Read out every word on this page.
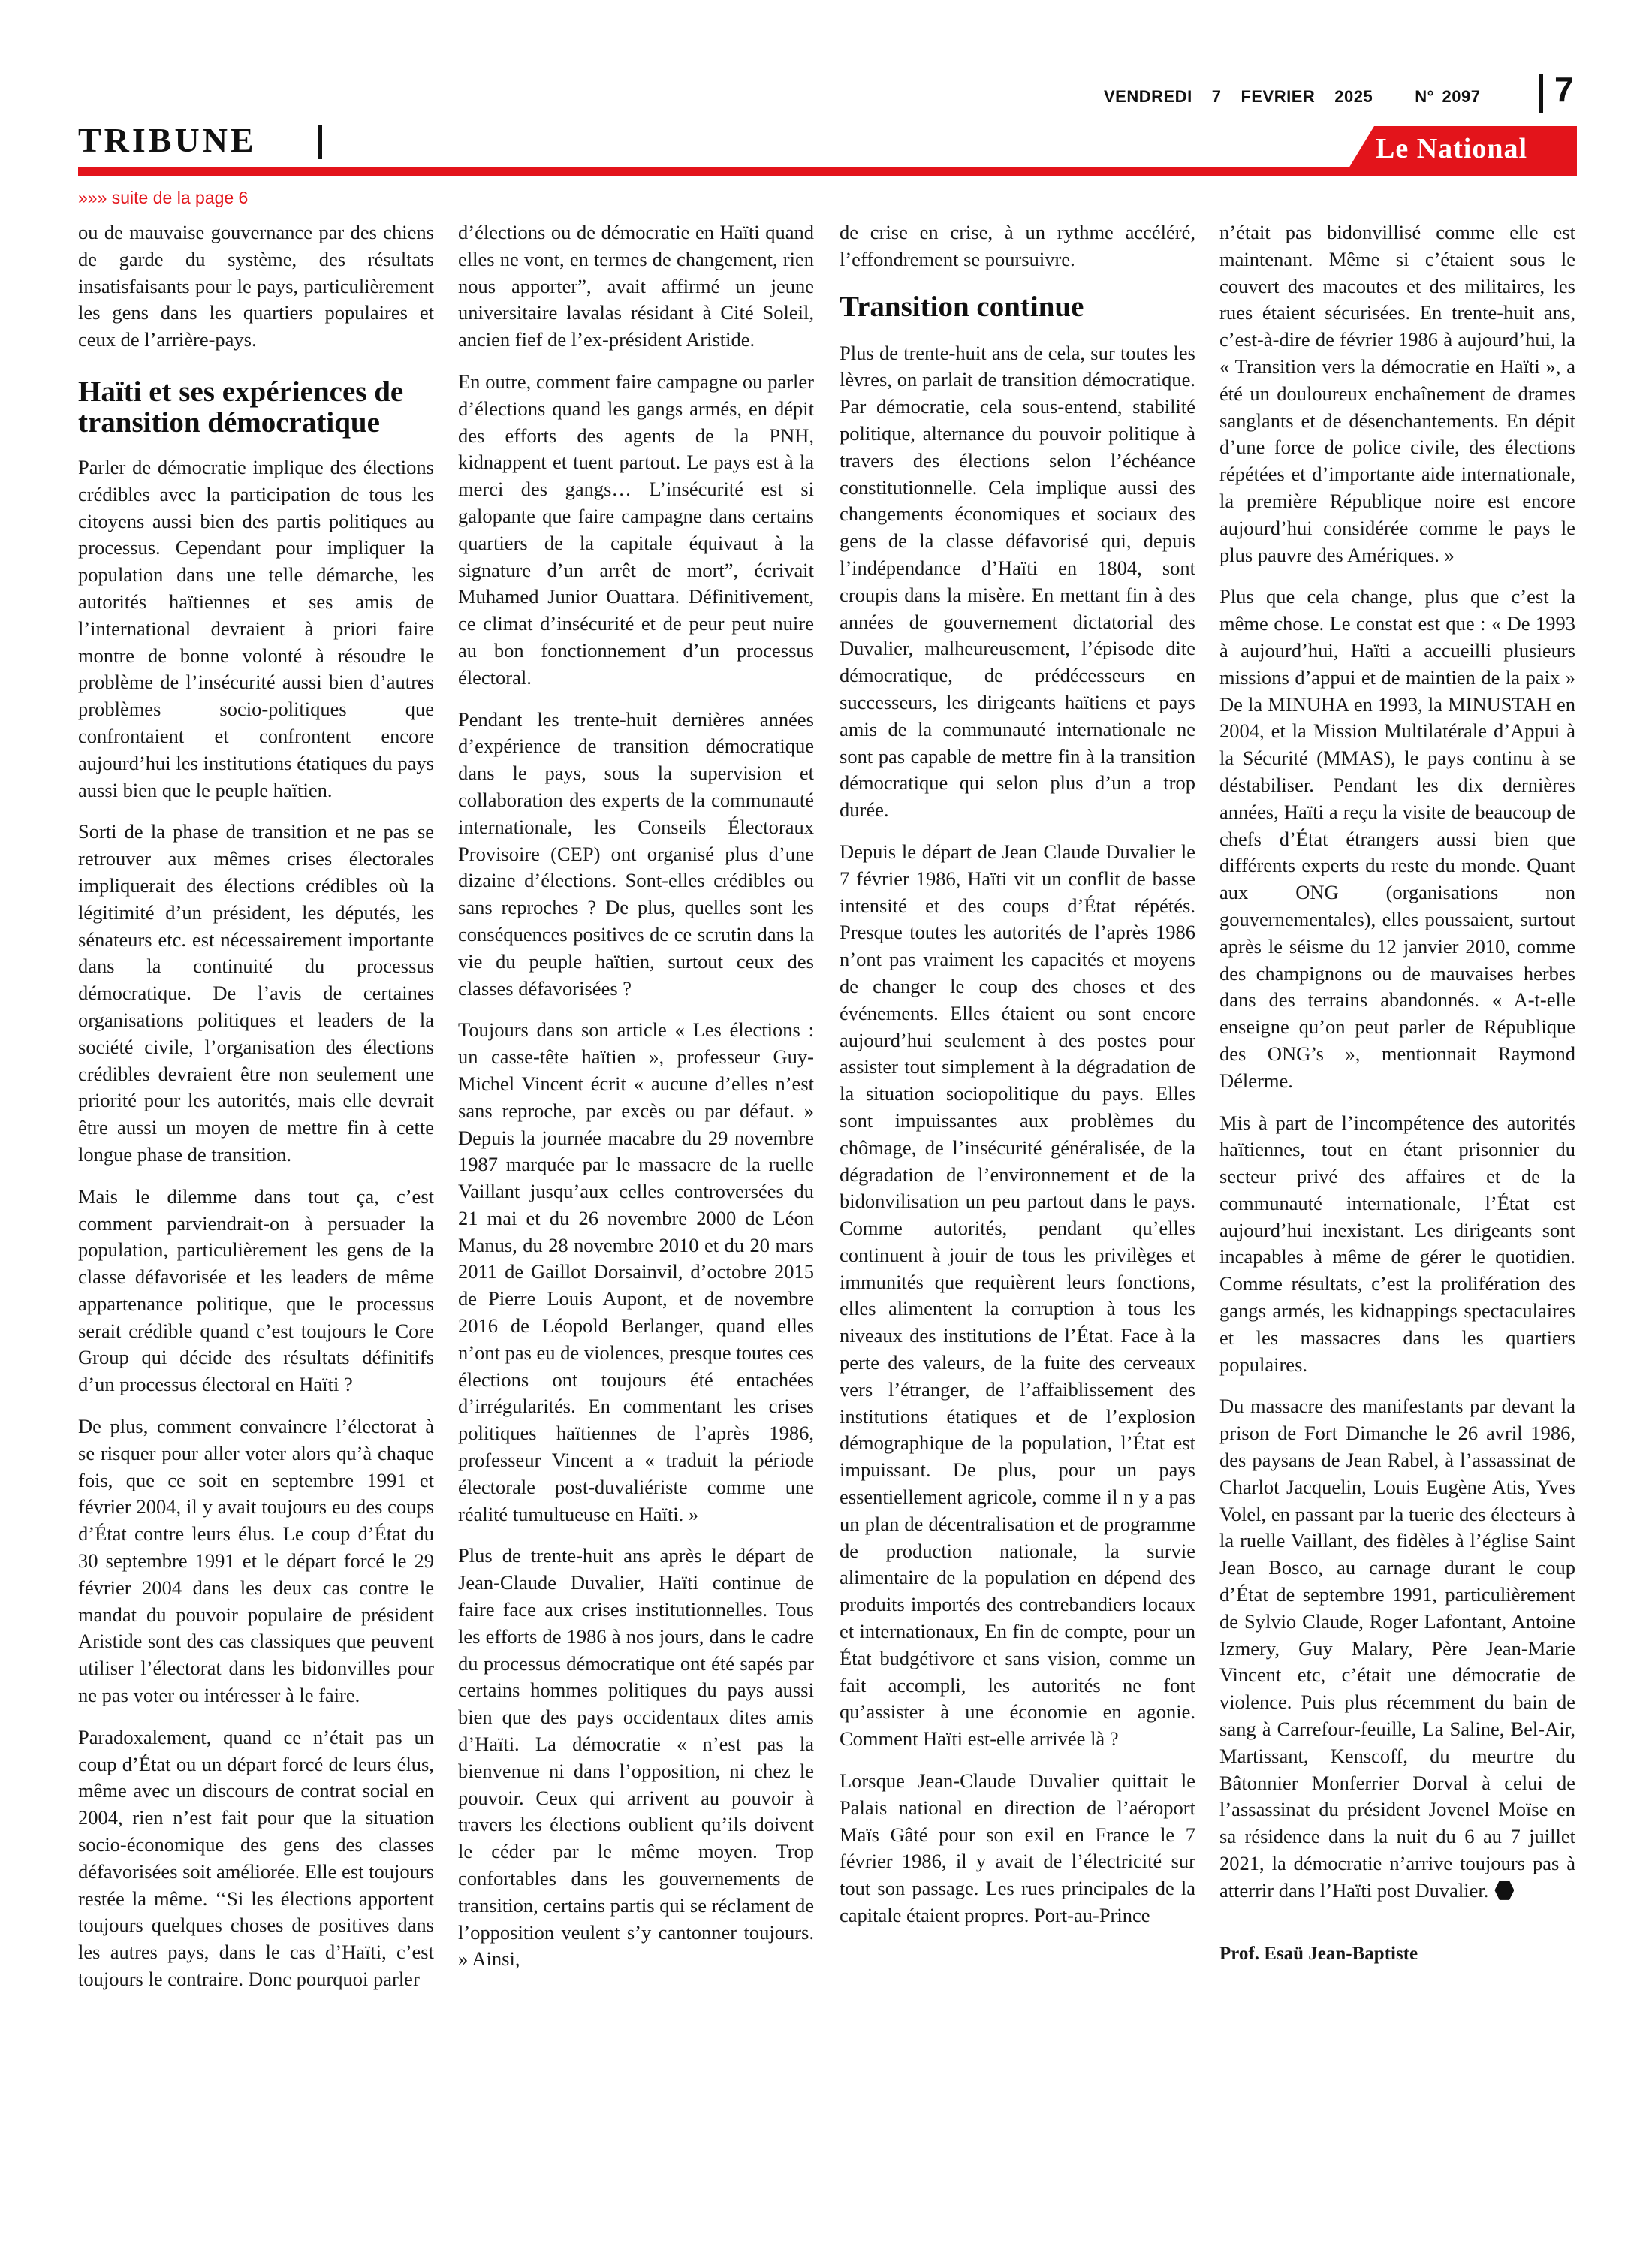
TRIBUNE
VENDREDI 7 FEVRIER 2025	N° 2097	7
Le National
»»» suite de la page 6

ou de mauvaise gouvernance par des chiens de garde du système, des résultats insatisfaisants pour le pays, particulièrement les gens dans les quartiers populaires et ceux de l’arrière-pays.

Haïti et ses expériences de transition démocratique

Parler de démocratie implique des élections crédibles avec la participation de tous les citoyens aussi bien des partis politiques au processus. Cependant pour impliquer la population dans une telle démarche, les autorités haïtiennes et ses amis de l’international devraient à priori faire montre de bonne volonté à résoudre le problème de l’insécurité aussi bien d’autres problèmes socio-politiques que confrontaient et confrontent encore aujourd’hui les institutions étatiques du pays aussi bien que le peuple haïtien.

Sorti de la phase de transition et ne pas se retrouver aux mêmes crises électorales impliquerait des élections crédibles où la légitimité d’un président, les députés, les sénateurs etc. est nécessairement importante dans la continuité du processus démocratique. De l’avis de certaines organisations politiques et leaders de la société civile, l’organisation des élections crédibles devraient être non seulement une priorité pour les autorités, mais elle devrait être aussi un moyen de mettre fin à cette longue phase de transition.

Mais le dilemme dans tout ça, c’est comment parviendrait-on à persuader la population, particulièrement les gens de la classe défavorisée et les leaders de même appartenance politique, que le processus serait crédible quand c’est toujours le Core Group qui décide des résultats définitifs d’un processus électoral en Haïti ?

De plus, comment convaincre l’électorat à se risquer pour aller voter alors qu’à chaque fois, que ce soit en septembre 1991 et février 2004, il y avait toujours eu des coups d’État contre leurs élus. Le coup d’État du 30 septembre 1991 et le départ forcé le 29 février 2004 dans les deux cas contre le mandat du pouvoir populaire de président Aristide sont des cas classiques que peuvent utiliser l’électorat dans les bidonvilles pour ne pas voter ou intéresser à le faire.

Paradoxalement, quand ce n’était pas un coup d’État ou un départ forcé de leurs élus, même avec un discours de contrat social en 2004, rien n’est fait pour que la situation socio-économique des gens des classes défavorisées soit améliorée. Elle est toujours restée la même. ‘‘Si les élections apportent toujours quelques choses de positives dans les autres pays, dans le cas d’Haïti, c’est toujours le contraire. Donc pourquoi parler

d’élections ou de démocratie en Haïti quand elles ne vont, en termes de changement, rien nous apporter”, avait affirmé un jeune universitaire lavalas résidant à Cité Soleil, ancien fief de l’ex-président Aristide.

En outre, comment faire campagne ou parler d’élections quand les gangs armés, en dépit des efforts des agents de la PNH, kidnappent et tuent partout. Le pays est à la merci des gangs… L’insécurité est si galopante que faire campagne dans certains quartiers de la capitale équivaut à la signature d’un arrêt de mort”, écrivait Muhamed Junior Ouattara. Définitivement, ce climat d’insécurité et de peur peut nuire au bon fonctionnement d’un processus électoral.

Pendant les trente-huit dernières années d’expérience de transition démocratique dans le pays, sous la supervision et collaboration des experts de la communauté internationale, les Conseils Électoraux Provisoire (CEP) ont organisé plus d’une dizaine d’élections. Sont-elles crédibles ou sans reproches ? De plus, quelles sont les conséquences positives de ce scrutin dans la vie du peuple haïtien, surtout ceux des classes défavorisées ?

Toujours dans son article « Les élections : un casse-tête haïtien », professeur Guy-Michel Vincent écrit « aucune d’elles n’est sans reproche, par excès ou par défaut. » Depuis la journée macabre du 29 novembre 1987 marquée par le massacre de la ruelle Vaillant jusqu’aux celles controversées du 21 mai et du 26 novembre 2000 de Léon Manus, du 28 novembre 2010 et du 20 mars 2011 de Gaillot Dorsainvil, d’octobre 2015 de Pierre Louis Aupont, et de novembre 2016 de Léopold Berlanger, quand elles n’ont pas eu de violences, presque toutes ces élections ont toujours été entachées d’irrégularités. En commentant les crises politiques haïtiennes de l’après 1986, professeur Vincent a « traduit la période électorale post-duvaliériste comme une réalité tumultueuse en Haïti. »

Plus de trente-huit ans après le départ de Jean-Claude Duvalier, Haïti continue de faire face aux crises institutionnelles. Tous les efforts de 1986 à nos jours, dans le cadre du processus démocratique ont été sapés par certains hommes politiques du pays aussi bien que des pays occidentaux dites amis d’Haïti. La démocratie « n’est pas la bienvenue ni dans l’opposition, ni chez le pouvoir. Ceux qui arrivent au pouvoir à travers les élections oublient qu’ils doivent le céder par le même moyen. Trop confortables dans les gouvernements de transition, certains partis qui se réclament de l’opposition veulent s’y cantonner toujours. » Ainsi,

de crise en crise, à un rythme accéléré, l’effondrement se poursuivre.

Transition continue

Plus de trente-huit ans de cela, sur toutes les lèvres, on parlait de transition démocratique. Par démocratie, cela sous-entend, stabilité politique, alternance du pouvoir politique à travers des élections selon l’échéance constitutionnelle. Cela implique aussi des changements économiques et sociaux des gens de la classe défavorisé qui, depuis l’indépendance d’Haïti en 1804, sont croupis dans la misère. En mettant fin à des années de gouvernement dictatorial des Duvalier, malheureusement, l’épisode dite démocratique, de prédécesseurs en successeurs, les dirigeants haïtiens et pays amis de la communauté internationale ne sont pas capable de mettre fin à la transition démocratique qui selon plus d’un a trop durée.

Depuis le départ de Jean Claude Duvalier le 7 février 1986, Haïti vit un conflit de basse intensité et des coups d’État répétés. Presque toutes les autorités de l’après 1986 n’ont pas vraiment les capacités et moyens de changer le coup des choses et des événements. Elles étaient ou sont encore aujourd’hui seulement à des postes pour assister tout simplement à la dégradation de la situation sociopolitique du pays. Elles sont impuissantes aux problèmes du chômage, de l’insécurité généralisée, de la dégradation de l’environnement et de la bidonvilisation un peu partout dans le pays. Comme autorités, pendant qu’elles continuent à jouir de tous les privilèges et immunités que requièrent leurs fonctions, elles alimentent la corruption à tous les niveaux des institutions de l’État. Face à la perte des valeurs, de la fuite des cerveaux vers l’étranger, de l’affaiblissement des institutions étatiques et de l’explosion démographique de la population, l’État est impuissant. De plus, pour un pays essentiellement agricole, comme il n y a pas un plan de décentralisation et de programme de production nationale, la survie alimentaire de la population en dépend des produits importés des contrebandiers locaux et internationaux, En fin de compte, pour un État budgétivore et sans vision, comme un fait accompli, les autorités ne font qu’assister à une économie en agonie. Comment Haïti est-elle arrivée là ?

Lorsque Jean-Claude Duvalier quittait le Palais national en direction de l’aéroport Maïs Gâté pour son exil en France le 7 février 1986, il y avait de l’électricité sur tout son passage. Les rues principales de la capitale étaient propres. Port-au-Prince

n’était pas bidonvillisé comme elle est maintenant. Même si c’étaient sous le couvert des macoutes et des militaires, les rues étaient sécurisées. En trente-huit ans, c’est-à-dire de février 1986 à aujourd’hui, la « Transition vers la démocratie en Haïti », a été un douloureux enchaînement de drames sanglants et de désenchantements. En dépit d’une force de police civile, des élections répétées et d’importante aide internationale, la première République noire est encore aujourd’hui considérée comme le pays le plus pauvre des Amériques. »

Plus que cela change, plus que c’est la même chose. Le constat est que : « De 1993 à aujourd’hui, Haïti a accueilli plusieurs missions d’appui et de maintien de la paix » De la MINUHA en 1993, la MINUSTAH en 2004, et la Mission Multilatérale d’Appui à la Sécurité (MMAS), le pays continu à se déstabiliser. Pendant les dix dernières années, Haïti a reçu la visite de beaucoup de chefs d’État étrangers aussi bien que différents experts du reste du monde. Quant aux ONG (organisations non gouvernementales), elles poussaient, surtout après le séisme du 12 janvier 2010, comme des champignons ou de mauvaises herbes dans des terrains abandonnés. « A-t-elle enseigne qu’on peut parler de République des ONG’s », mentionnait Raymond Délerme.

Mis à part de l’incompétence des autorités haïtiennes, tout en étant prisonnier du secteur privé des affaires et de la communauté internationale, l’État est aujourd’hui inexistant. Les dirigeants sont incapables à même de gérer le quotidien. Comme résultats, c’est la prolifération des gangs armés, les kidnappings spectaculaires et les massacres dans les quartiers populaires.

Du massacre des manifestants par devant la prison de Fort Dimanche le 26 avril 1986, des paysans de Jean Rabel, à l’assassinat de Charlot Jacquelin, Louis Eugène Atis, Yves Volel, en passant par la tuerie des électeurs à la ruelle Vaillant, des fidèles à l’église Saint Jean Bosco, au carnage durant le coup d’État de septembre 1991, particulièrement de Sylvio Claude, Roger Lafontant, Antoine Izmery, Guy Malary, Père Jean-Marie Vincent etc, c’était une démocratie de violence. Puis plus récemment du bain de sang à Carrefour-feuille, La Saline, Bel-Air, Martissant, Kenscoff, du meurtre du Bâtonnier Monferrier Dorval à celui de l’assassinat du président Jovenel Moïse en sa résidence dans la nuit du 6 au 7 juillet 2021, la démocratie n’arrive toujours pas à atterrir dans l’Haïti post Duvalier.

Prof. Esaü Jean-Baptiste
